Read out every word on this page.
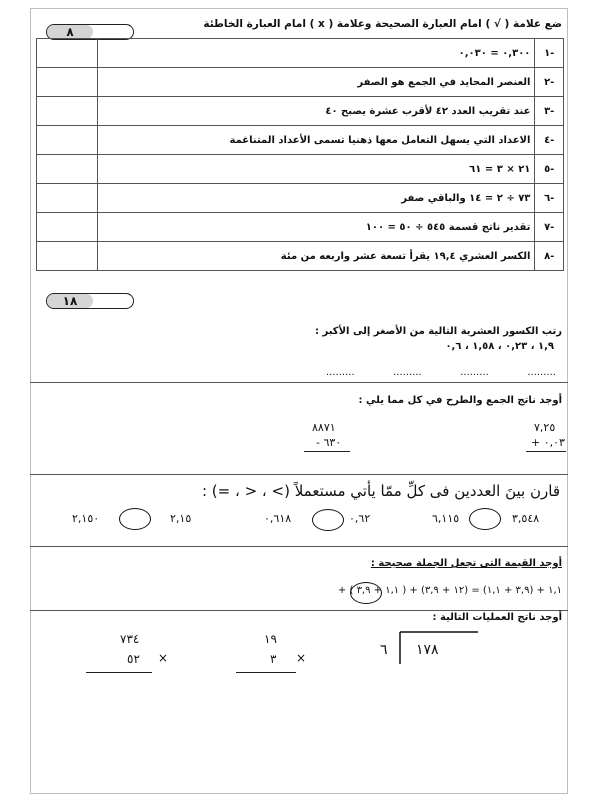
ضع علامة ( √ ) امام العبارة الصحيحة وعلامة ( x ) امام العبارة الخاطئة
٨
-١	٠,٣٠٠ = ٠,٠٣٠	
-٢	العنصر المحايد في الجمع هو الصفر	
-٣	عند تقريب العدد ٤٢ لأقرب عشرة يصبح ٤٠	
-٤	الاعداد التي يسهل التعامل معها ذهنيا تسمى الأعداد المتناغمة	
-٥	٢١ × ٣ = ٦١	
-٦	٧٣ ÷ ٢ = ١٤ والباقي صفر	
-٧	تقدير ناتج قسمة ٥٤٥ ÷ ٥٠ = ١٠٠	
-٨	الكسر العشري ١٩,٤ يقرأ تسعة عشر واربعه من مئة	
١٨
رتب الكسور العشرية التالية من الأصغر إلى الأكبر :
١,٩ ، ٠,٢٣ ، ١,٥٨ ، ٠,٦
.........
.........
.........
.........
أوجد ناتج الجمع والطرح في كل مما يلي :
٧,٢٥
٠,٠٣ +
٨٨٧١
٦٣٠ -
قارن بينَ العددين فى كلِّ ممّا يأتي مستعملاً (> ، < ، =) :
٢,١٥٠	٢,١٥	٠,٦١٨	٠,٦٢	٦,١١٥	٣,٥٤٨
أوجد القيمة التى تجعل الجملة صحيحة :
١,١ + (٣,٩ + ١,١) = (١٢ + ٣,٩) + ( ١,١ + ٣,٩ ) +
أوجد ناتج العمليات التالية :
٧٣٤
٥٢ ×
١٩
٣ ×	٦ ١٧٨
